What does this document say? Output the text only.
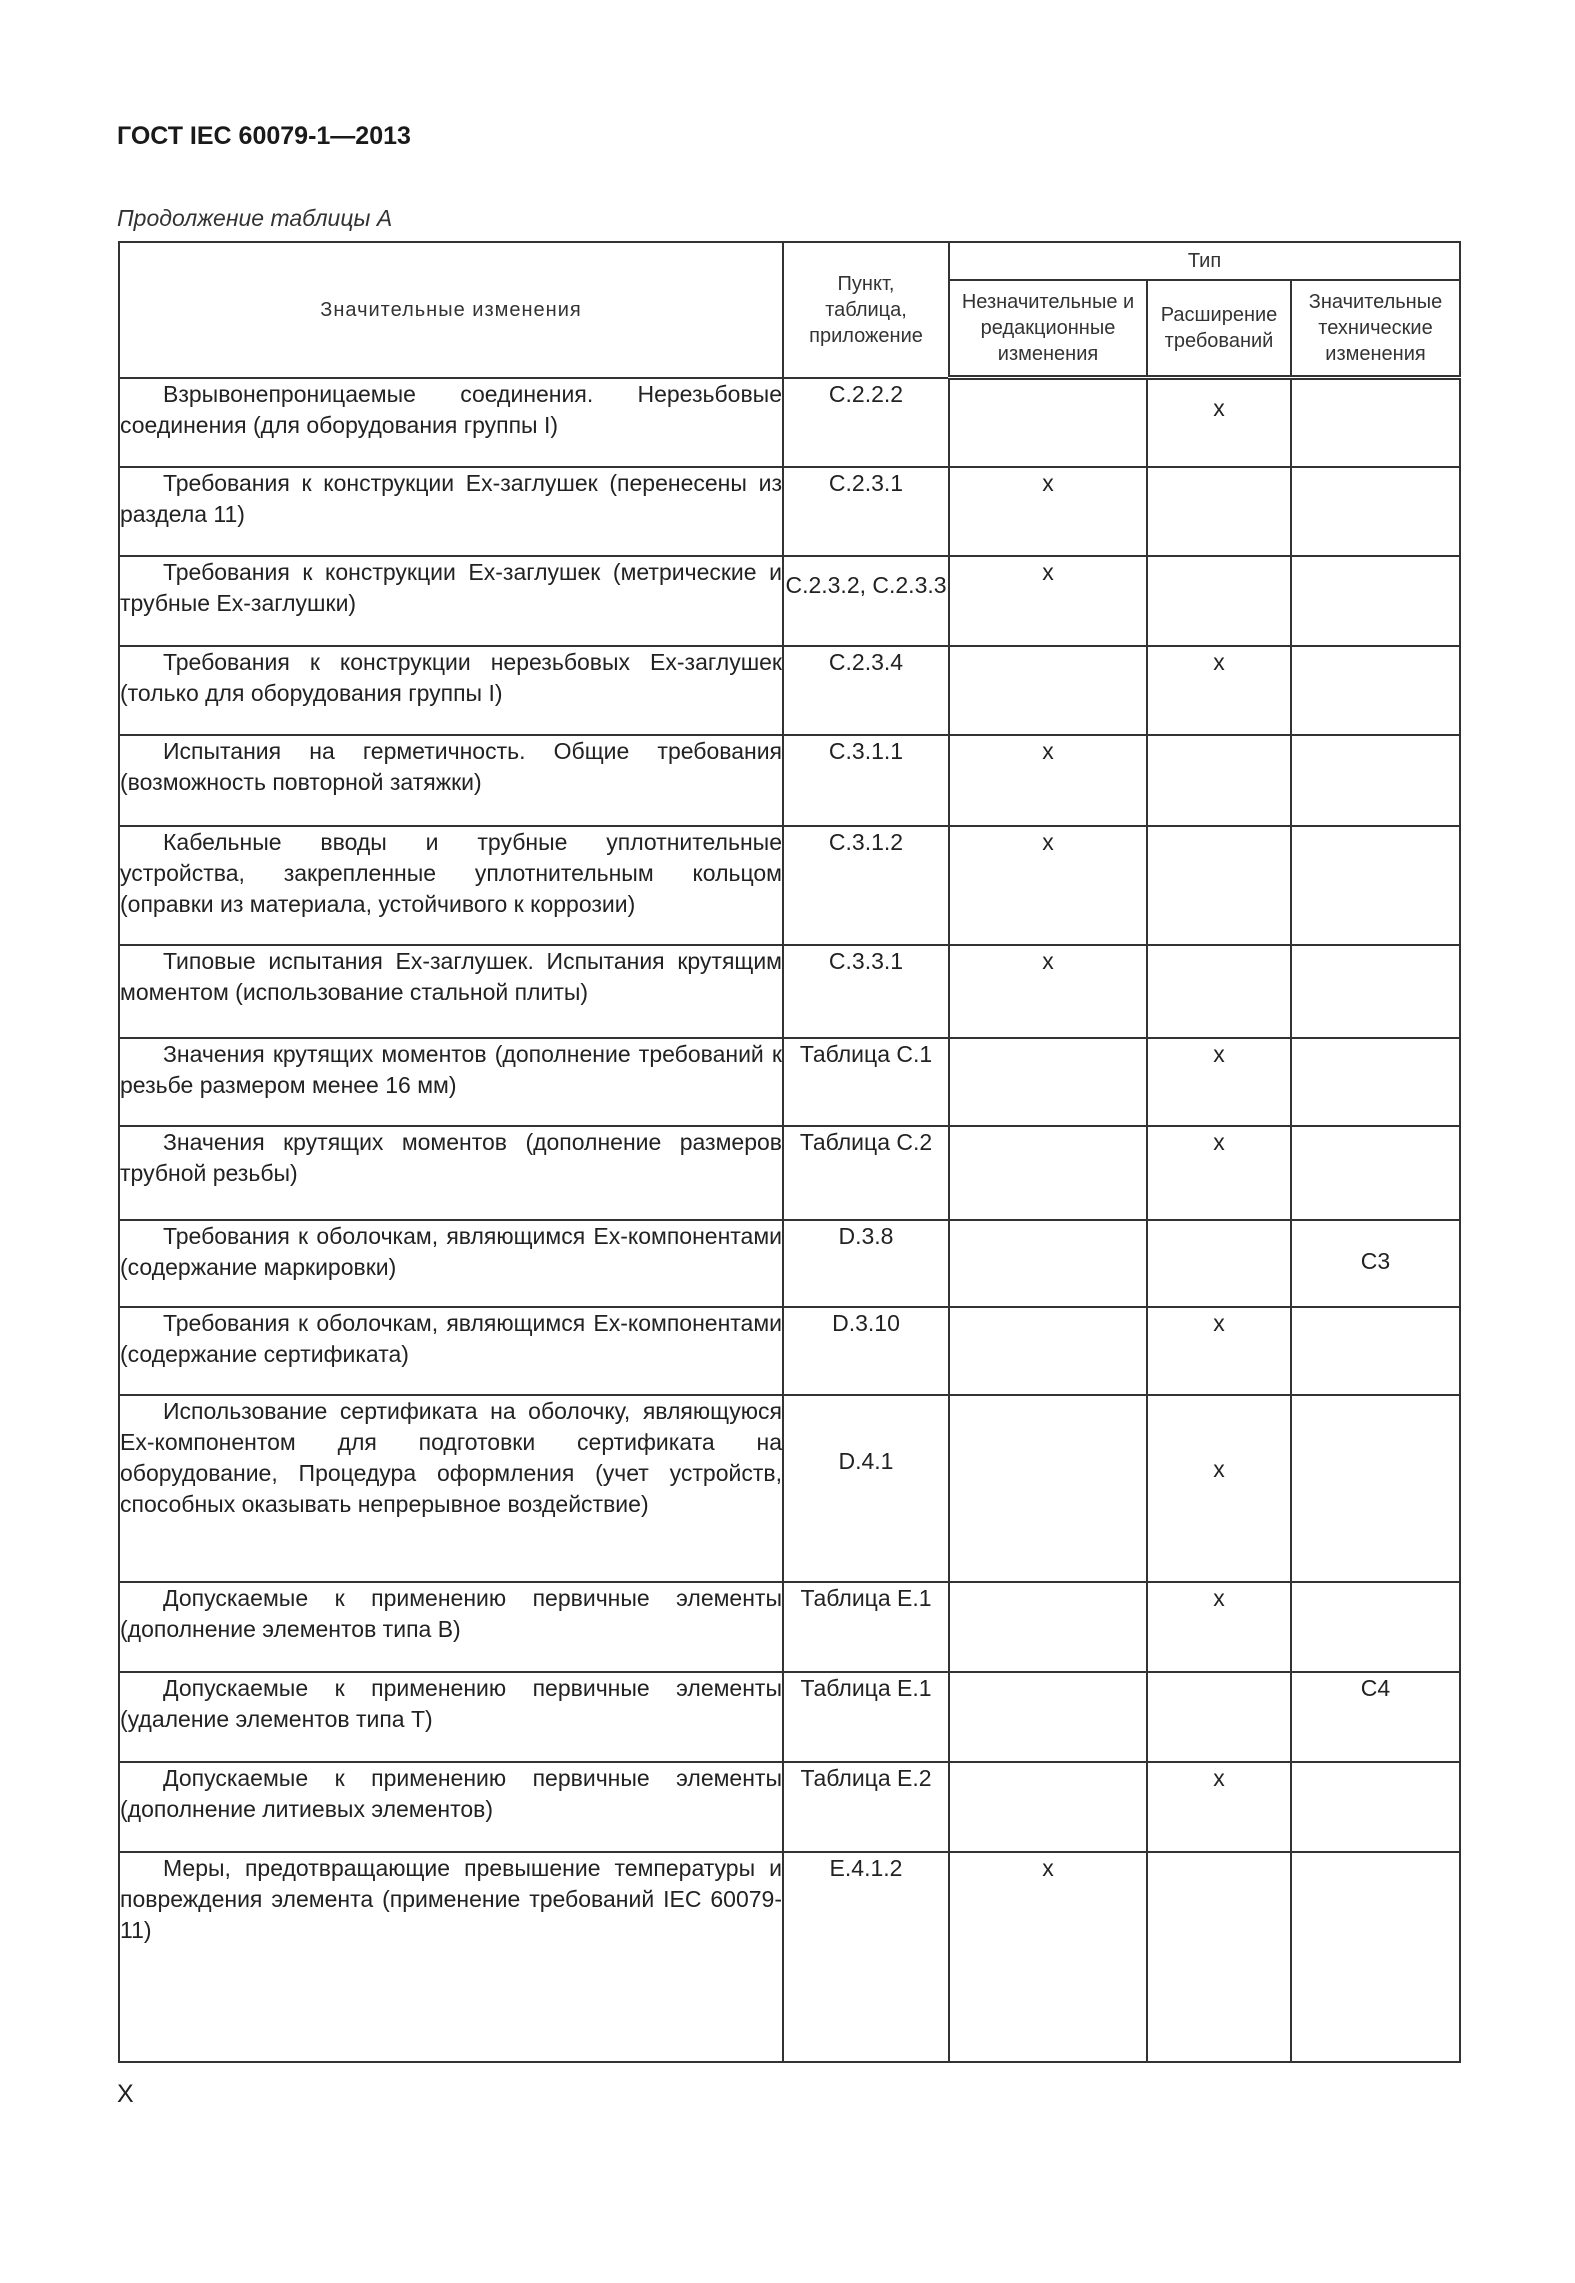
ГОСТ IEC 60079-1—2013
Продолжение таблицы А
Значительные изменения	Пункт, таблица, приложение	Тип		
		Незначительные и редакционные изменения	Расширение требований	Значительные технические изменения

Взрывонепроницаемые соединения. Нерезьбовые соединения (для оборудования группы I)	C.2.2.2		x	

Требования к конструкции Ex-заглушек (перенесены из раздела 11)	C.2.3.1	x		

Требования к конструкции Ex-заглушек (метрические и трубные Ex-заглушки)	C.2.3.2, C.2.3.3	x		

Требования к конструкции нерезьбовых Ex-заглушек (только для оборудования группы I)	C.2.3.4		x	

Испытания на герметичность. Общие требования (возможность повторной затяжки)	C.3.1.1	x		

Кабельные вводы и трубные уплотнительные устройства, закрепленные уплотнительным кольцом (оправки из материала, устойчивого к коррозии)	C.3.1.2	x		

Типовые испытания Ex-заглушек. Испытания крутящим моментом (использование стальной плиты)	C.3.3.1	x		

Значения крутящих моментов (дополнение требований к резьбе размером менее 16 мм)	Таблица С.1		x	

Значения крутящих моментов (дополнение размеров трубной резьбы)	Таблица С.2		x	

Требования к оболочкам, являющимся Ex-компонентами (содержание маркировки)	D.3.8			C3

Требования к оболочкам, являющимся Ex-компонентами (содержание сертификата)	D.3.10		x	

Использование сертификата на оболочку, являющуюся Ex-компонентом для подготовки сертификата на оборудование, Процедура оформления (учет устройств, способных оказывать непрерывное воздействие)	D.4.1		x	

Допускаемые к применению первичные элементы (дополнение элементов типа В)	Таблица E.1		x	

Допускаемые к применению первичные элементы (удаление элементов типа Т)	Таблица E.1			C4

Допускаемые к применению первичные элементы (дополнение литиевых элементов)	Таблица E.2		x	

Меры, предотвращающие превышение температуры и повреждения элемента (применение требований IEC 60079-11)	E.4.1.2	x		
X
